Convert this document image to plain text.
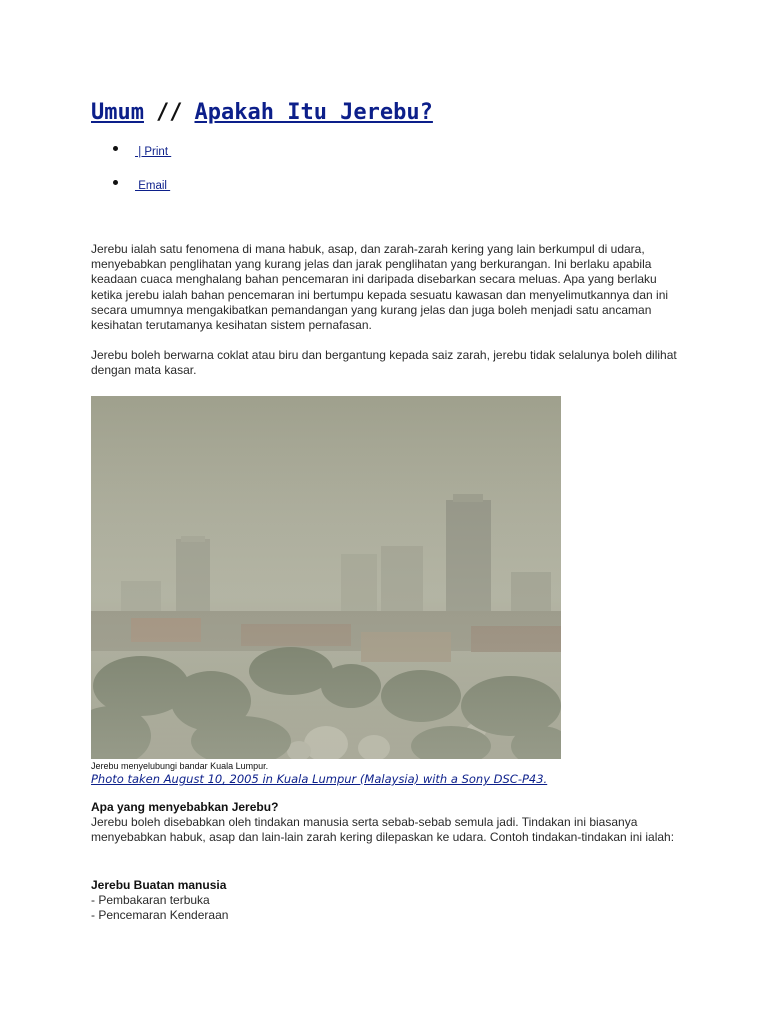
Umum // Apakah Itu Jerebu?
| Print
Email

Jerebu ialah satu fenomena di mana habuk, asap, dan zarah-zarah kering yang lain berkumpul di udara, menyebabkan penglihatan yang kurang jelas dan jarak penglihatan yang berkurangan. Ini berlaku apabila keadaan cuaca menghalang bahan pencemaran ini daripada disebarkan secara meluas. Apa yang berlaku ketika jerebu ialah bahan pencemaran ini bertumpu kepada sesuatu kawasan dan menyelimutkannya dan ini secara umumnya mengakibatkan pemandangan yang kurang jelas dan juga boleh menjadi satu ancaman kesihatan terutamanya kesihatan sistem pernafasan.

Jerebu boleh berwarna coklat atau biru dan bergantung kepada saiz zarah, jerebu tidak selalunya boleh dilihat dengan mata kasar.

Jerebu menyelubungi bandar Kuala Lumpur.
Photo taken August 10, 2005 in Kuala Lumpur (Malaysia) with a Sony DSC-P43.
Apa yang menyebabkan Jerebu?

Jerebu boleh disebabkan oleh tindakan manusia serta sebab-sebab semula jadi. Tindakan ini biasanya menyebabkan habuk, asap dan lain-lain zarah kering dilepaskan ke udara. Contoh tindakan-tindakan ini ialah:

Jerebu Buatan manusia
- Pembakaran terbuka
- Pencemaran Kenderaan
